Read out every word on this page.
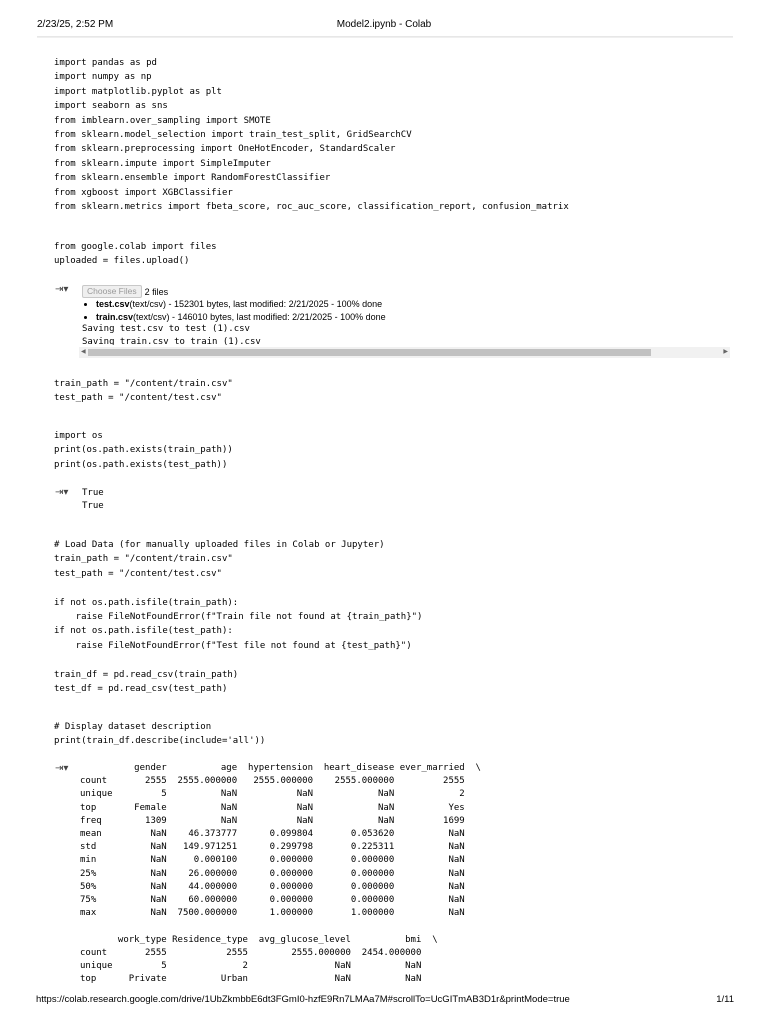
2/23/25, 2:52 PM	Model2.ipynb - Colab
import pandas as pd
import numpy as np
import matplotlib.pyplot as plt
import seaborn as sns
from imblearn.over_sampling import SMOTE
from sklearn.model_selection import train_test_split, GridSearchCV
from sklearn.preprocessing import OneHotEncoder, StandardScaler
from sklearn.impute import SimpleImputer
from sklearn.ensemble import RandomForestClassifier
from xgboost import XGBClassifier
from sklearn.metrics import fbeta_score, roc_auc_score, classification_report, confusion_matrix
from google.colab import files
uploaded = files.upload()
⇥▾	Choose Files 2 files
• test.csv(text/csv) - 152301 bytes, last modified: 2/21/2025 - 100% done
• train.csv(text/csv) - 146010 bytes, last modified: 2/21/2025 - 100% done
Saving test.csv to test (1).csv
Saving train.csv to train (1).csv
◀	▶
train_path = "/content/train.csv"
test_path = "/content/test.csv"
import os
print(os.path.exists(train_path))
print(os.path.exists(test_path))
⇥▾	True
True
# Load Data (for manually uploaded files in Colab or Jupyter)
train_path = "/content/train.csv"
test_path = "/content/test.csv"

if not os.path.isfile(train_path):
raise FileNotFoundError(f"Train file not found at {train_path}")
if not os.path.isfile(test_path):
raise FileNotFoundError(f"Test file not found at {test_path}")

train_df = pd.read_csv(train_path)
test_df = pd.read_csv(test_path)
# Display dataset description
print(train_df.describe(include='all'))
⇥▾	gender          age  hypertension  heart_disease ever_married  \
count       2555  2555.000000   2555.000000    2555.000000         2555
unique         5          NaN           NaN            NaN            2
top       Female          NaN           NaN            NaN          Yes
freq        1309          NaN           NaN            NaN         1699
mean         NaN    46.373777      0.099804       0.053620          NaN
std          NaN   149.971251      0.299798       0.225311          NaN
min          NaN     0.000100      0.000000       0.000000          NaN
25%          NaN    26.000000      0.000000       0.000000          NaN
50%          NaN    44.000000      0.000000       0.000000          NaN
75%          NaN    60.000000      0.000000       0.000000          NaN
max          NaN  7500.000000      1.000000       1.000000          NaN

work_type Residence_type  avg_glucose_level          bmi  \
count       2555           2555        2555.000000  2454.000000
unique         5              2                NaN          NaN
top      Private          Urban                NaN          NaN
https://colab.research.google.com/drive/1UbZkmbbE6dt3FGmI0-hzfE9Rn7LMAa7M#scrollTo=UcGITmAB3D1r&printMode=true	1/11
